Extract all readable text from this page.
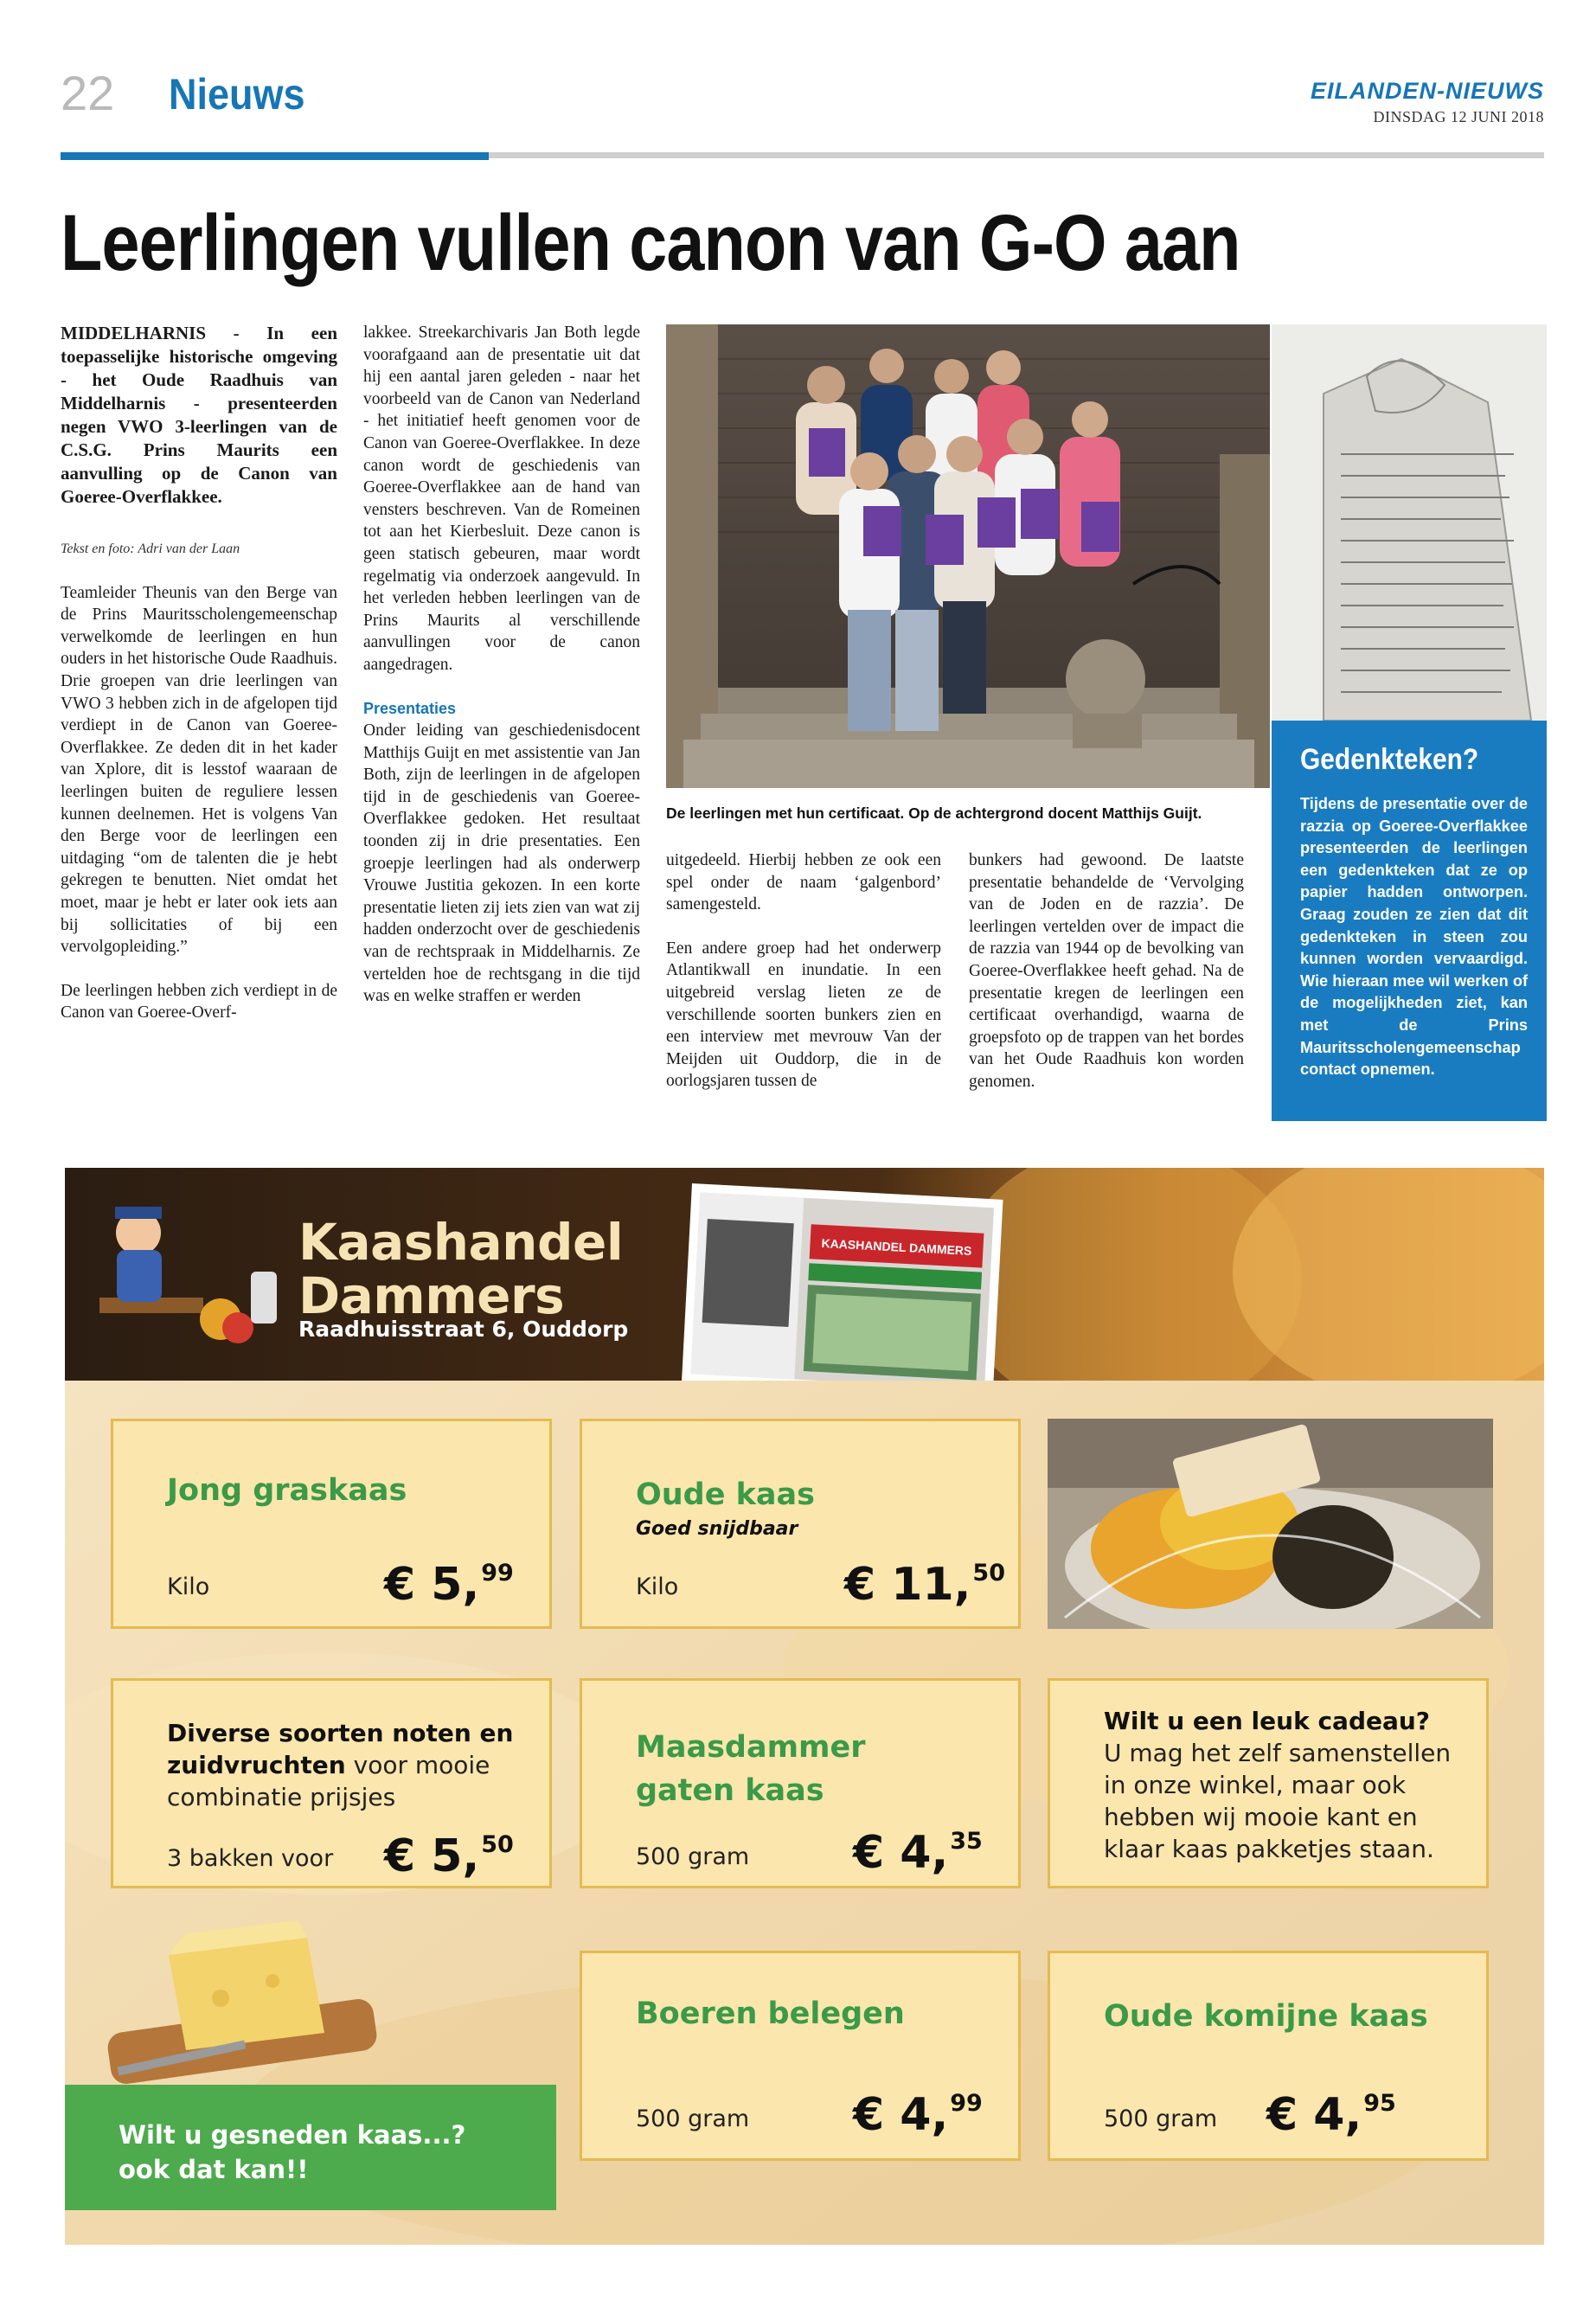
22 Nieuws	EILANDEN-NIEUWS
DINSDAG 12 JUNI 2018
Leerlingen vullen canon van G-O aan

MIDDELHARNIS - In een toepasselijke historische omgeving - het Oude Raadhuis van Middelharnis - presenteerden negen VWO 3-leerlingen van de C.S.G. Prins Maurits een aanvulling op de Canon van Goeree-Overflakkee.

Tekst en foto: Adri van der Laan

Teamleider Theunis van den Berge van de Prins Mauritsscholengemeenschap verwelkomde de leerlingen en hun ouders in het historische Oude Raadhuis. Drie groepen van drie leerlingen van VWO 3 hebben zich in de afgelopen tijd verdiept in de Canon van Goeree-Overflakkee. Ze deden dit in het kader van Xplore, dit is lesstof waaraan de leerlingen buiten de reguliere lessen kunnen deelnemen. Het is volgens Van den Berge voor de leerlingen een uitdaging “om de talenten die je hebt gekregen te benutten. Niet omdat het moet, maar je hebt er later ook iets aan bij sollicitaties of bij een vervolgopleiding.”

De leerlingen hebben zich verdiept in de Canon van Goeree-Overf-

lakkee. Streekarchivaris Jan Both legde voorafgaand aan de presentatie uit dat hij een aantal jaren geleden - naar het voorbeeld van de Canon van Nederland - het initiatief heeft genomen voor de Canon van Goeree-Overflakkee. In deze canon wordt de geschiedenis van Goeree-Overflakkee aan de hand van vensters beschreven. Van de Romeinen tot aan het Kierbesluit. Deze canon is geen statisch gebeuren, maar wordt regelmatig via onderzoek aangevuld. In het verleden hebben leerlingen van de Prins Maurits al verschillende aanvullingen voor de canon aangedragen.

Presentaties

Onder leiding van geschiedenisdocent Matthijs Guijt en met assistentie van Jan Both, zijn de leerlingen in de afgelopen tijd in de geschiedenis van Goeree-Overflakkee gedoken. Het resultaat toonden zij in drie presentaties. Een groepje leerlingen had als onderwerp Vrouwe Justitia gekozen. In een korte presentatie lieten zij iets zien van wat zij hadden onderzocht over de geschiedenis van de rechtspraak in Middelharnis. Ze vertelden hoe de rechtsgang in die tijd was en welke straffen er werden

De leerlingen met hun certificaat. Op de achtergrond docent Matthijs Guijt.

uitgedeeld. Hierbij hebben ze ook een spel onder de naam ‘galgenbord’ samengesteld.

Een andere groep had het onderwerp Atlantikwall en inundatie. In een uitgebreid verslag lieten ze de verschillende soorten bunkers zien en een interview met mevrouw Van der Meijden uit Ouddorp, die in de oorlogsjaren tussen de

bunkers had gewoond. De laatste presentatie behandelde de ‘Vervolging van de Joden en de razzia’. De leerlingen vertelden over de impact die de razzia van 1944 op de bevolking van Goeree-Overflakkee heeft gehad. Na de presentatie kregen de leerlingen een certificaat overhandigd, waarna de groepsfoto op de trappen van het bordes van het Oude Raadhuis kon worden genomen.

Gedenkteken?

Tijdens de presentatie over de razzia op Goeree-Overflakkee presenteerden de leerlingen een gedenkteken dat ze op papier hadden ontworpen. Graag zouden ze zien dat dit gedenkteken in steen zou kunnen worden vervaardigd. Wie hieraan mee wil werken of de mogelijkheden ziet, kan met de Prins Mauritsscholengemeenschap contact opnemen.

KAASHANDEL DAMMERS
Kaashandel
Dammers
Raadhuisstraat 6, Ouddorp
Jong graskaas
Kilo	€ 5,99
Oude kaas
Goed snijdbaar
Kilo	€ 11,50
Diverse soorten noten en zuidvruchten voor mooie combinatie prijsjes
3 bakken voor € 5,50
Maasdammer
gaten kaas
500 gram € 4,35
Wilt u een leuk cadeau?
U mag het zelf samenstellen in onze winkel, maar ook hebben wij mooie kant en klaar kaas pakketjes staan.
Boeren belegen
500 gram € 4,99
Oude komijne kaas
500 gram € 4,95
Wilt u gesneden kaas...?
ook dat kan!!
